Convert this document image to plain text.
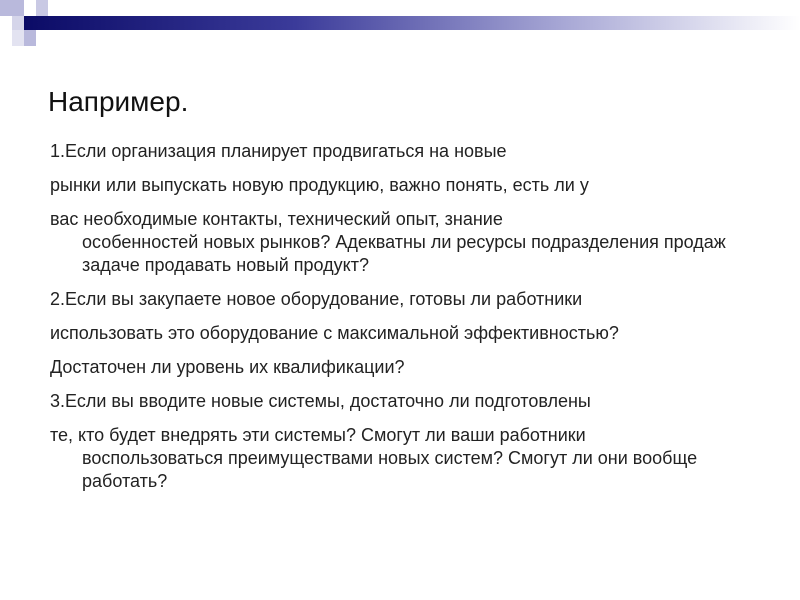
Например.

1.Если организация планирует продвигаться на новые

рынки или выпускать новую продукцию, важно понять, есть ли у

вас необходимые контакты, технический опыт, знание

особенностей новых рынков? Адекватны ли ресурсы подразделения продаж задаче продавать новый продукт?

2.Если вы закупаете новое оборудование, готовы ли работники

использовать это оборудование с максимальной эффективностью?

Достаточен ли уровень их квалификации?

3.Если вы вводите новые системы, достаточно ли подготовлены

те, кто будет внедрять эти системы? Смогут ли ваши работники

воспользоваться преимуществами новых систем? Смогут ли они вообще работать?
